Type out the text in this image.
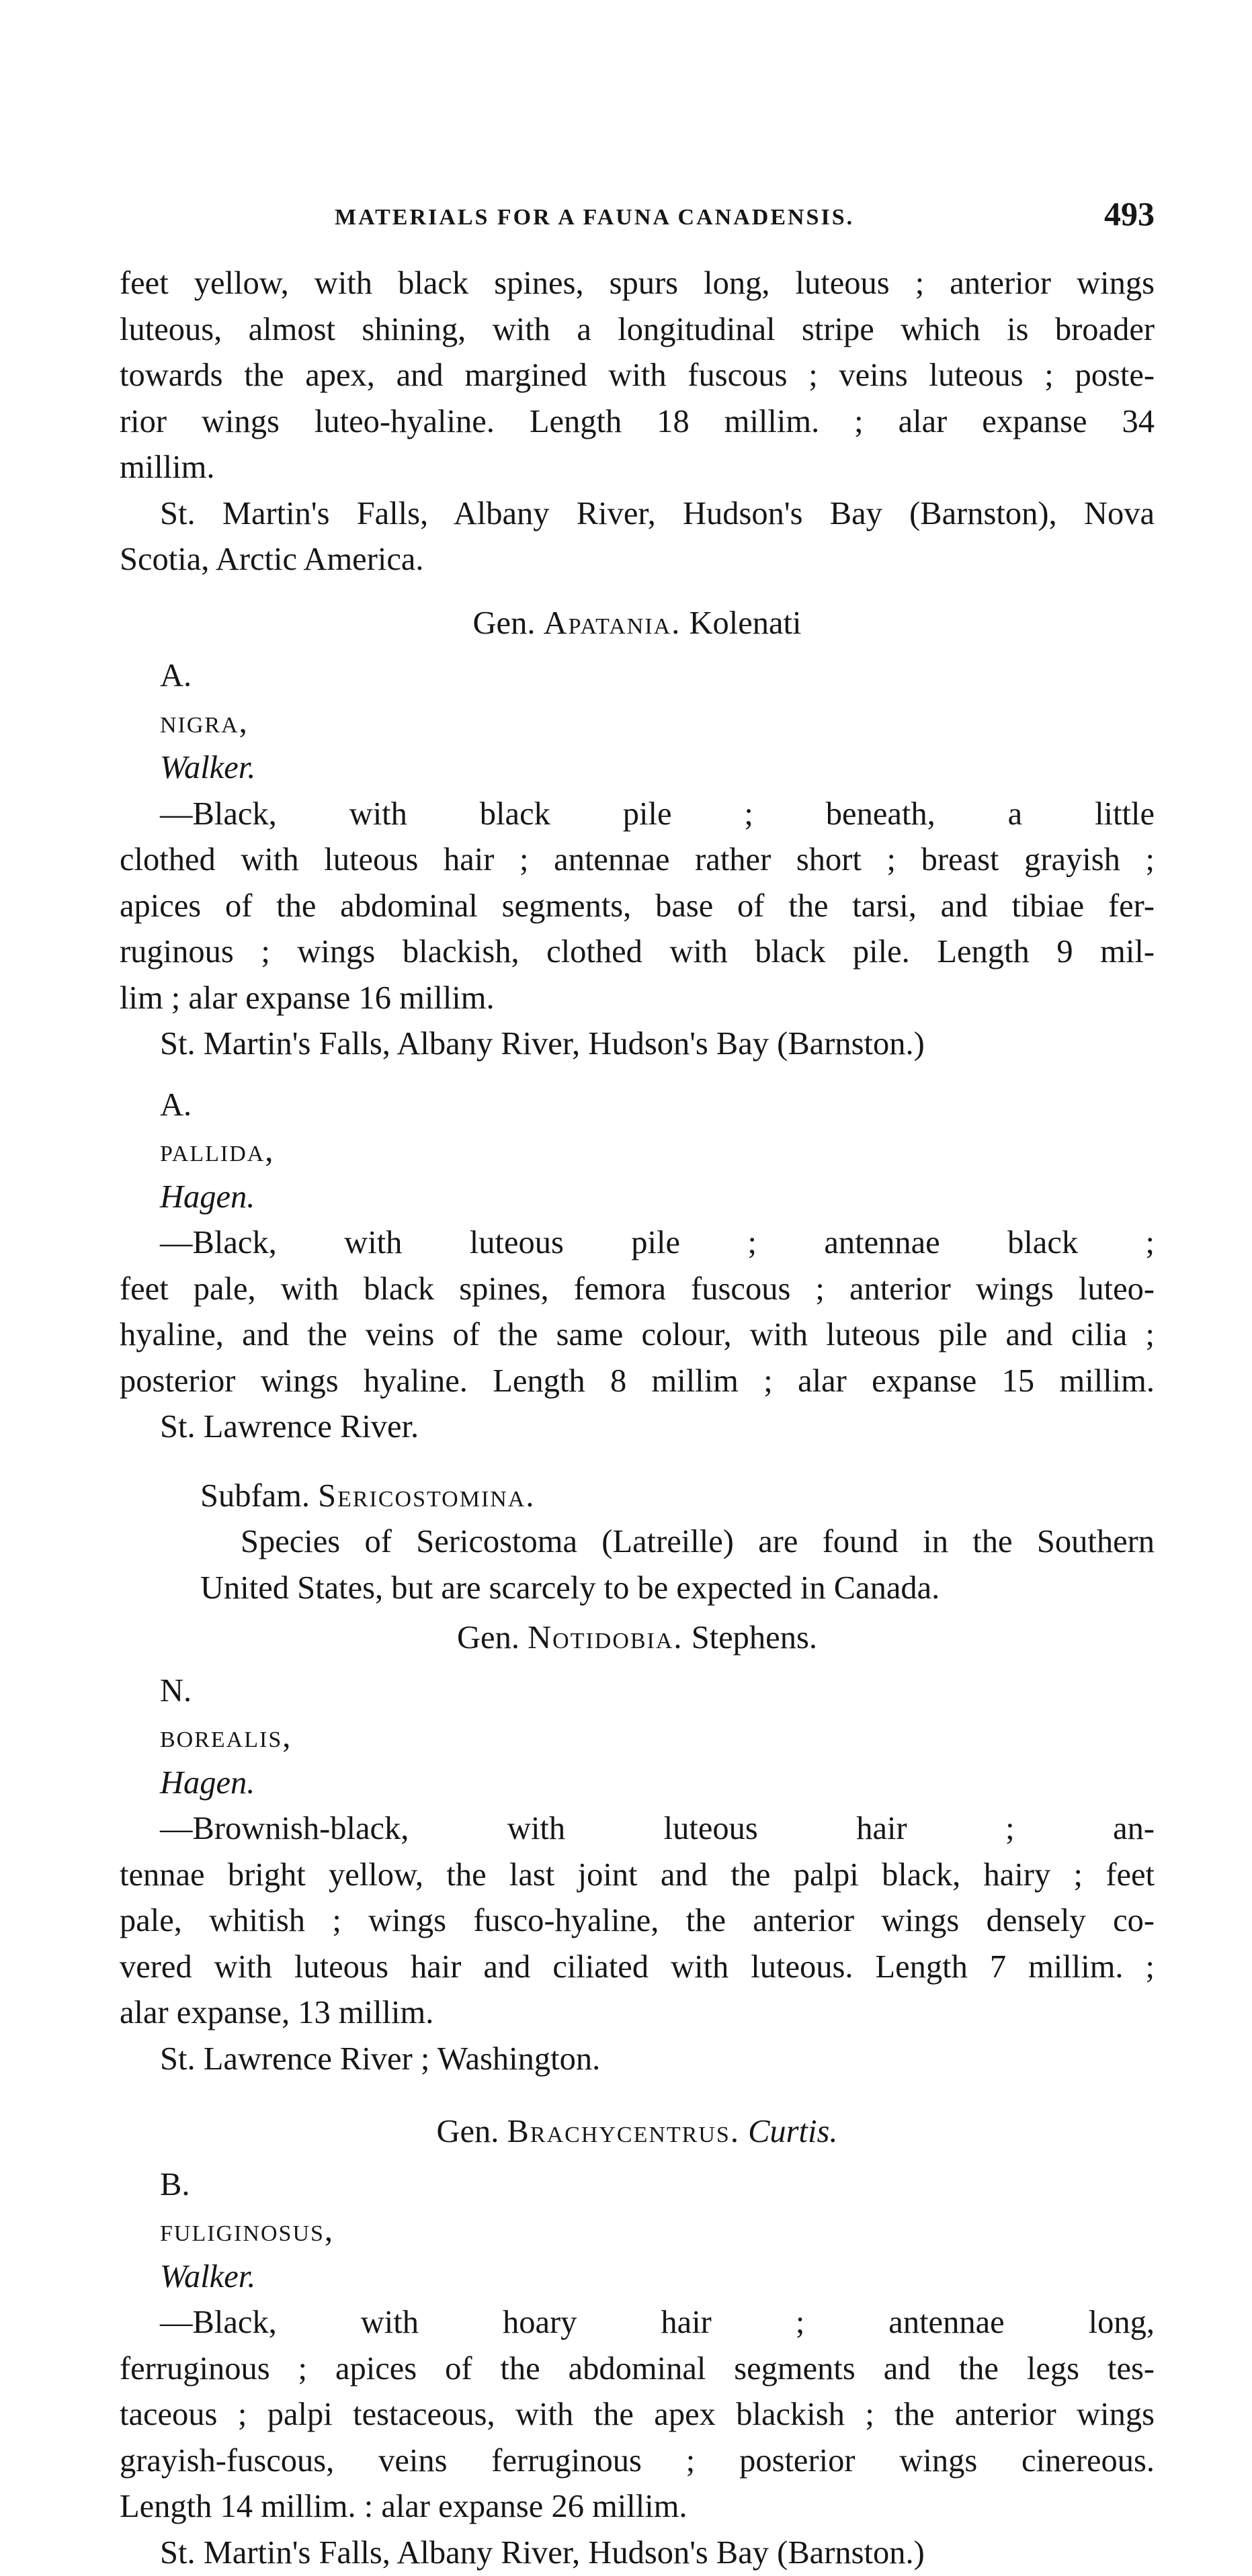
MATERIALS FOR A FAUNA CANADENSIS.	493
feet yellow, with black spines, spurs long, luteous ; anterior wings
luteous, almost shining, with a longitudinal stripe which is broader
towards the apex, and margined with fuscous ; veins luteous ; poste-
rior wings luteo-hyaline. Length 18 millim. ; alar expanse 34
millim.
St. Martin's Falls, Albany River, Hudson's Bay (Barnston), Nova
Scotia, Arctic America.
Gen. Apatania. Kolenati
A.
nigra,
Walker.
—Black, with black pile ; beneath, a little
clothed with luteous hair ; antennae rather short ; breast grayish ;
apices of the abdominal segments, base of the tarsi, and tibiae fer-
ruginous ; wings blackish, clothed with black pile. Length 9 mil-
lim ; alar expanse 16 millim.
St. Martin's Falls, Albany River, Hudson's Bay (Barnston.)
A.
pallida,
Hagen.
—Black, with luteous pile ; antennae black ;
feet pale, with black spines, femora fuscous ; anterior wings luteo-
hyaline, and the veins of the same colour, with luteous pile and cilia ;
posterior wings hyaline. Length 8 millim ; alar expanse 15 millim.
St. Lawrence River.
Subfam. Sericostomina.
Species of Sericostoma (Latreille) are found in the Southern
United States, but are scarcely to be expected in Canada.
Gen. Notidobia. Stephens.
N.
borealis,
Hagen.
—Brownish-black, with luteous hair ; an-
tennae bright yellow, the last joint and the palpi black, hairy ; feet
pale, whitish ; wings fusco-hyaline, the anterior wings densely co-
vered with luteous hair and ciliated with luteous. Length 7 millim. ;
alar expanse, 13 millim.
St. Lawrence River ; Washington.
Gen. Brachycentrus. Curtis.
B.
fuliginosus,
Walker.
—Black, with hoary hair ; antennae long,
ferruginous ; apices of the abdominal segments and the legs tes-
taceous ; palpi testaceous, with the apex blackish ; the anterior wings
grayish-fuscous, veins ferruginous ; posterior wings cinereous.
Length 14 millim. : alar expanse 26 millim.
St. Martin's Falls, Albany River, Hudson's Bay (Barnston.)
